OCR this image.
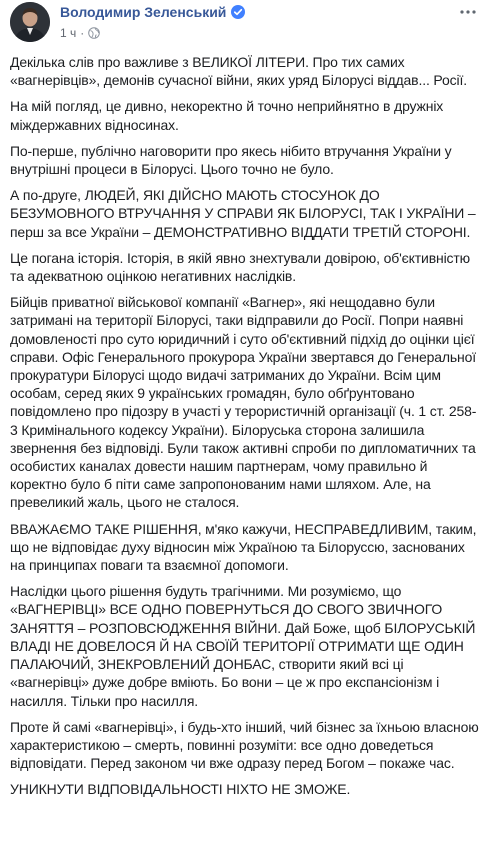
Володимир Зеленський
1 ч ·

Декілька слів про важливе з ВЕЛИКОЇ ЛІТЕРИ. Про тих самих «вагнерівців», демонів сучасної війни, яких уряд Білорусі віддав... Росії.

На мій погляд, це дивно, некоректно й точно неприйнятно в дружніх міждержавних відносинах.

По-перше, публічно наговорити про якесь нібито втручання України у внутрішні процеси в Білорусі. Цього точно не було.

А по-друге, ЛЮДЕЙ, ЯКІ ДІЙСНО МАЮТЬ СТОСУНОК ДО БЕЗУМОВНОГО ВТРУЧАННЯ У СПРАВИ ЯК БІЛОРУСІ, ТАК І УКРАЇНИ – перш за все України – ДЕМОНСТРАТИВНО ВІДДАТИ ТРЕТІЙ СТОРОНІ.

Це погана історія. Історія, в якій явно знехтували довірою, об'єктивністю та адекватною оцінкою негативних наслідків.

Бійців приватної військової компанії «Вагнер», які нещодавно були затримані на території Білорусі, таки відправили до Росії. Попри наявні домовленості про суто юридичний і суто об'єктивний підхід до оцінки цієї справи. Офіс Генерального прокурора України звертався до Генеральної прокуратури Білорусі щодо видачі затриманих до України. Всім цим особам, серед яких 9 українських громадян, було обґрунтовано повідомлено про підозру в участі у терористичній організації (ч. 1 ст. 258-3 Кримінального кодексу України). Білоруська сторона залишила звернення без відповіді. Були також активні спроби по дипломатичних та особистих каналах довести нашим партнерам, чому правильно й коректно було б піти саме запропонованим нами шляхом. Але, на превеликий жаль, цього не сталося.

ВВАЖАЄМО ТАКЕ РІШЕННЯ, м'яко кажучи, НЕСПРАВЕДЛИВИМ, таким, що не відповідає духу відносин між Україною та Білоруссю, заснованих на принципах поваги та взаємної допомоги.

Наслідки цього рішення будуть трагічними. Ми розуміємо, що «ВАГНЕРІВЦІ» ВСЕ ОДНО ПОВЕРНУТЬСЯ ДО СВОГО ЗВИЧНОГО ЗАНЯТТЯ – РОЗПОВСЮДЖЕННЯ ВІЙНИ. Дай Боже, щоб БІЛОРУСЬКІЙ ВЛАДІ НЕ ДОВЕЛОСЯ Й НА СВОЇЙ ТЕРИТОРІЇ ОТРИМАТИ ЩЕ ОДИН ПАЛАЮЧИЙ, ЗНЕКРОВЛЕНИЙ ДОНБАС, створити який всі ці «вагнерівці» дуже добре вміють. Бо вони – це ж про експансіонізм і насилля. Тільки про насилля.

Проте й самі «вагнерівці», і будь-хто інший, чий бізнес за їхньою власною характеристикою – смерть, повинні розуміти: все одно доведеться відповідати. Перед законом чи вже одразу перед Богом – покаже час.

УНИКНУТИ ВІДПОВІДАЛЬНОСТІ НІХТО НЕ ЗМОЖЕ.
